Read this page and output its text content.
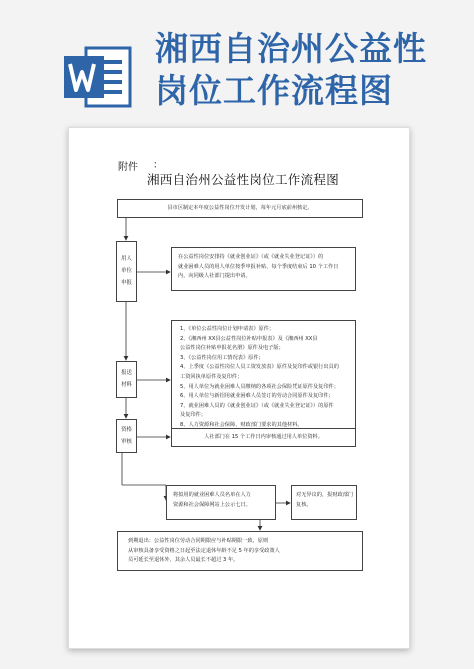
湘西自治州公益性
岗位工作流程图
附件 ：
湘西自治州公益性岗位工作流程图
县市区制定本年度公益性岗位开发计划，每年元月底前州核定。
用人
单位
申报
在公益性岗位安排持《就业创业证》（或《就业失业登记证》）的
就业困难人员的用人单位按季申报补贴，每个季度结束后 10 个工作日
内，向同级人社部门提出申请。
报送
材料
1、《单位公益性岗位计划申请表》原件；
2、《湘西州 XX县公益性岗位补贴申报表》及《湘西州 XX县
公益性岗位补贴申报花名册》原件及电子版；
3、《公益性岗位用工情况表》原件；
4、上季度《公益性岗位人员工资发放表》原件及复印件或银行出具的
工资回执单原件及复印件；
5、用人单位为就业困难人员缴纳的各项社会保险凭证原件及复印件；
6、用人单位与新招用就业困难人员签订的劳动合同原件及复印件；
7、就业困难人员的《就业创业证》（或《就业失业登记证》）的原件
及复印件；
8、人力资源和社会保障、财政部门要求的其他材料。
资格
审核
人社部门在 15 个工作日内审核通过用人单位资料。
将拟用的就业困难人员名单在人力
资源和社会保障网站上公示七日。
对无异议的，报财政部门
复核。
到期退出：公益性岗位劳动合同期限应与补贴期限一致，原则
从审核具备享受资格之日起至法定退休年龄不足 5 年的享受政策人
员可延长至退休外，其余人员最长不超过 3 年。
